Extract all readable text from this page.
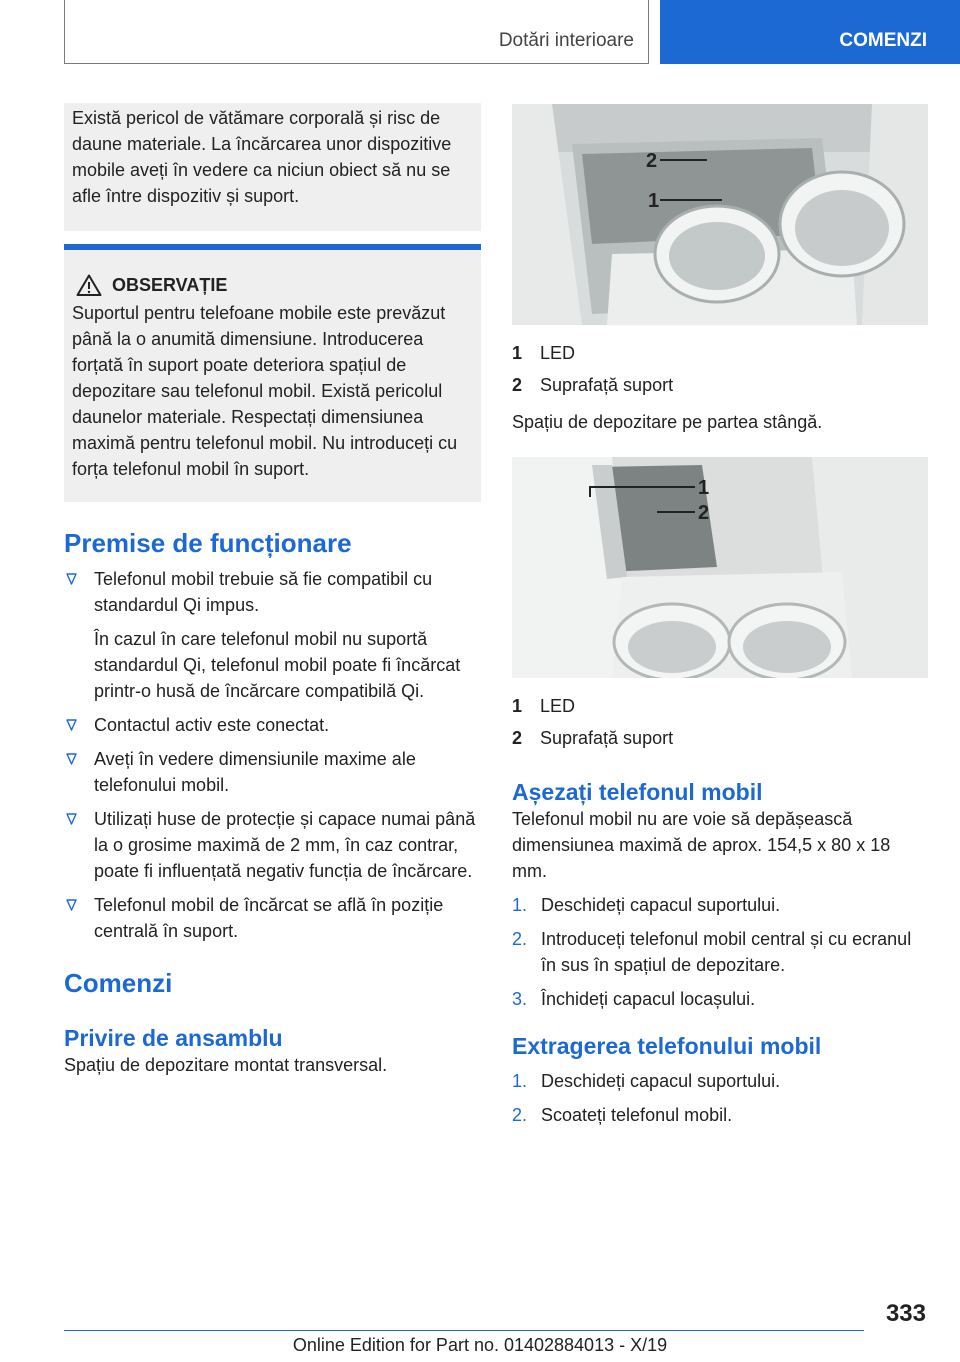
Dotări interioare	COMENZI

Există pericol de vătămare corporală și risc de daune materiale. La încărcarea unor dispozitive mobile aveți în vedere ca niciun obiect să nu se afle între dispozitiv și suport.

OBSERVAȚIE

Suportul pentru telefoane mobile este prevăzut până la o anumită dimensiune. Introducerea forțată în suport poate deteriora spațiul de depozitare sau telefonul mobil. Există pericolul daunelor materiale. Respectați dimensiunea maximă pentru telefonul mobil. Nu introduceți cu forța telefonul mobil în suport.

Premise de funcționare

Telefonul mobil trebuie să fie compatibil cu standardul Qi impus.

În cazul în care telefonul mobil nu suportă standardul Qi, telefonul mobil poate fi încărcat printr-o husă de încărcare compatibilă Qi.

Contactul activ este conectat.

Aveți în vedere dimensiunile maxime ale telefonului mobil.

Utilizați huse de protecție și capace numai până la o grosime maximă de 2 mm, în caz contrar, poate fi influențată negativ funcția de încărcare.

Telefonul mobil de încărcat se află în poziție centrală în suport.

Comenzi
Privire de ansamblu

Spațiu de depozitare montat transversal.

2
1
1 LED
2 Suprafață suport

Spațiu de depozitare pe partea stângă.

1
2
1 LED
2 Suprafață suport
Așezați telefonul mobil

Telefonul mobil nu are voie să depășească dimensiunea maximă de aprox. 154,5 x 80 x 18 mm.

1. Deschideți capacul suportului.
2. Introduceți telefonul mobil central și cu ecranul în sus în spațiul de depozitare.
3. Închideți capacul locașului.
Extragerea telefonului mobil
1. Deschideți capacul suportului.
2. Scoateți telefonul mobil.
333
Online Edition for Part no. 01402884013 - X/19
